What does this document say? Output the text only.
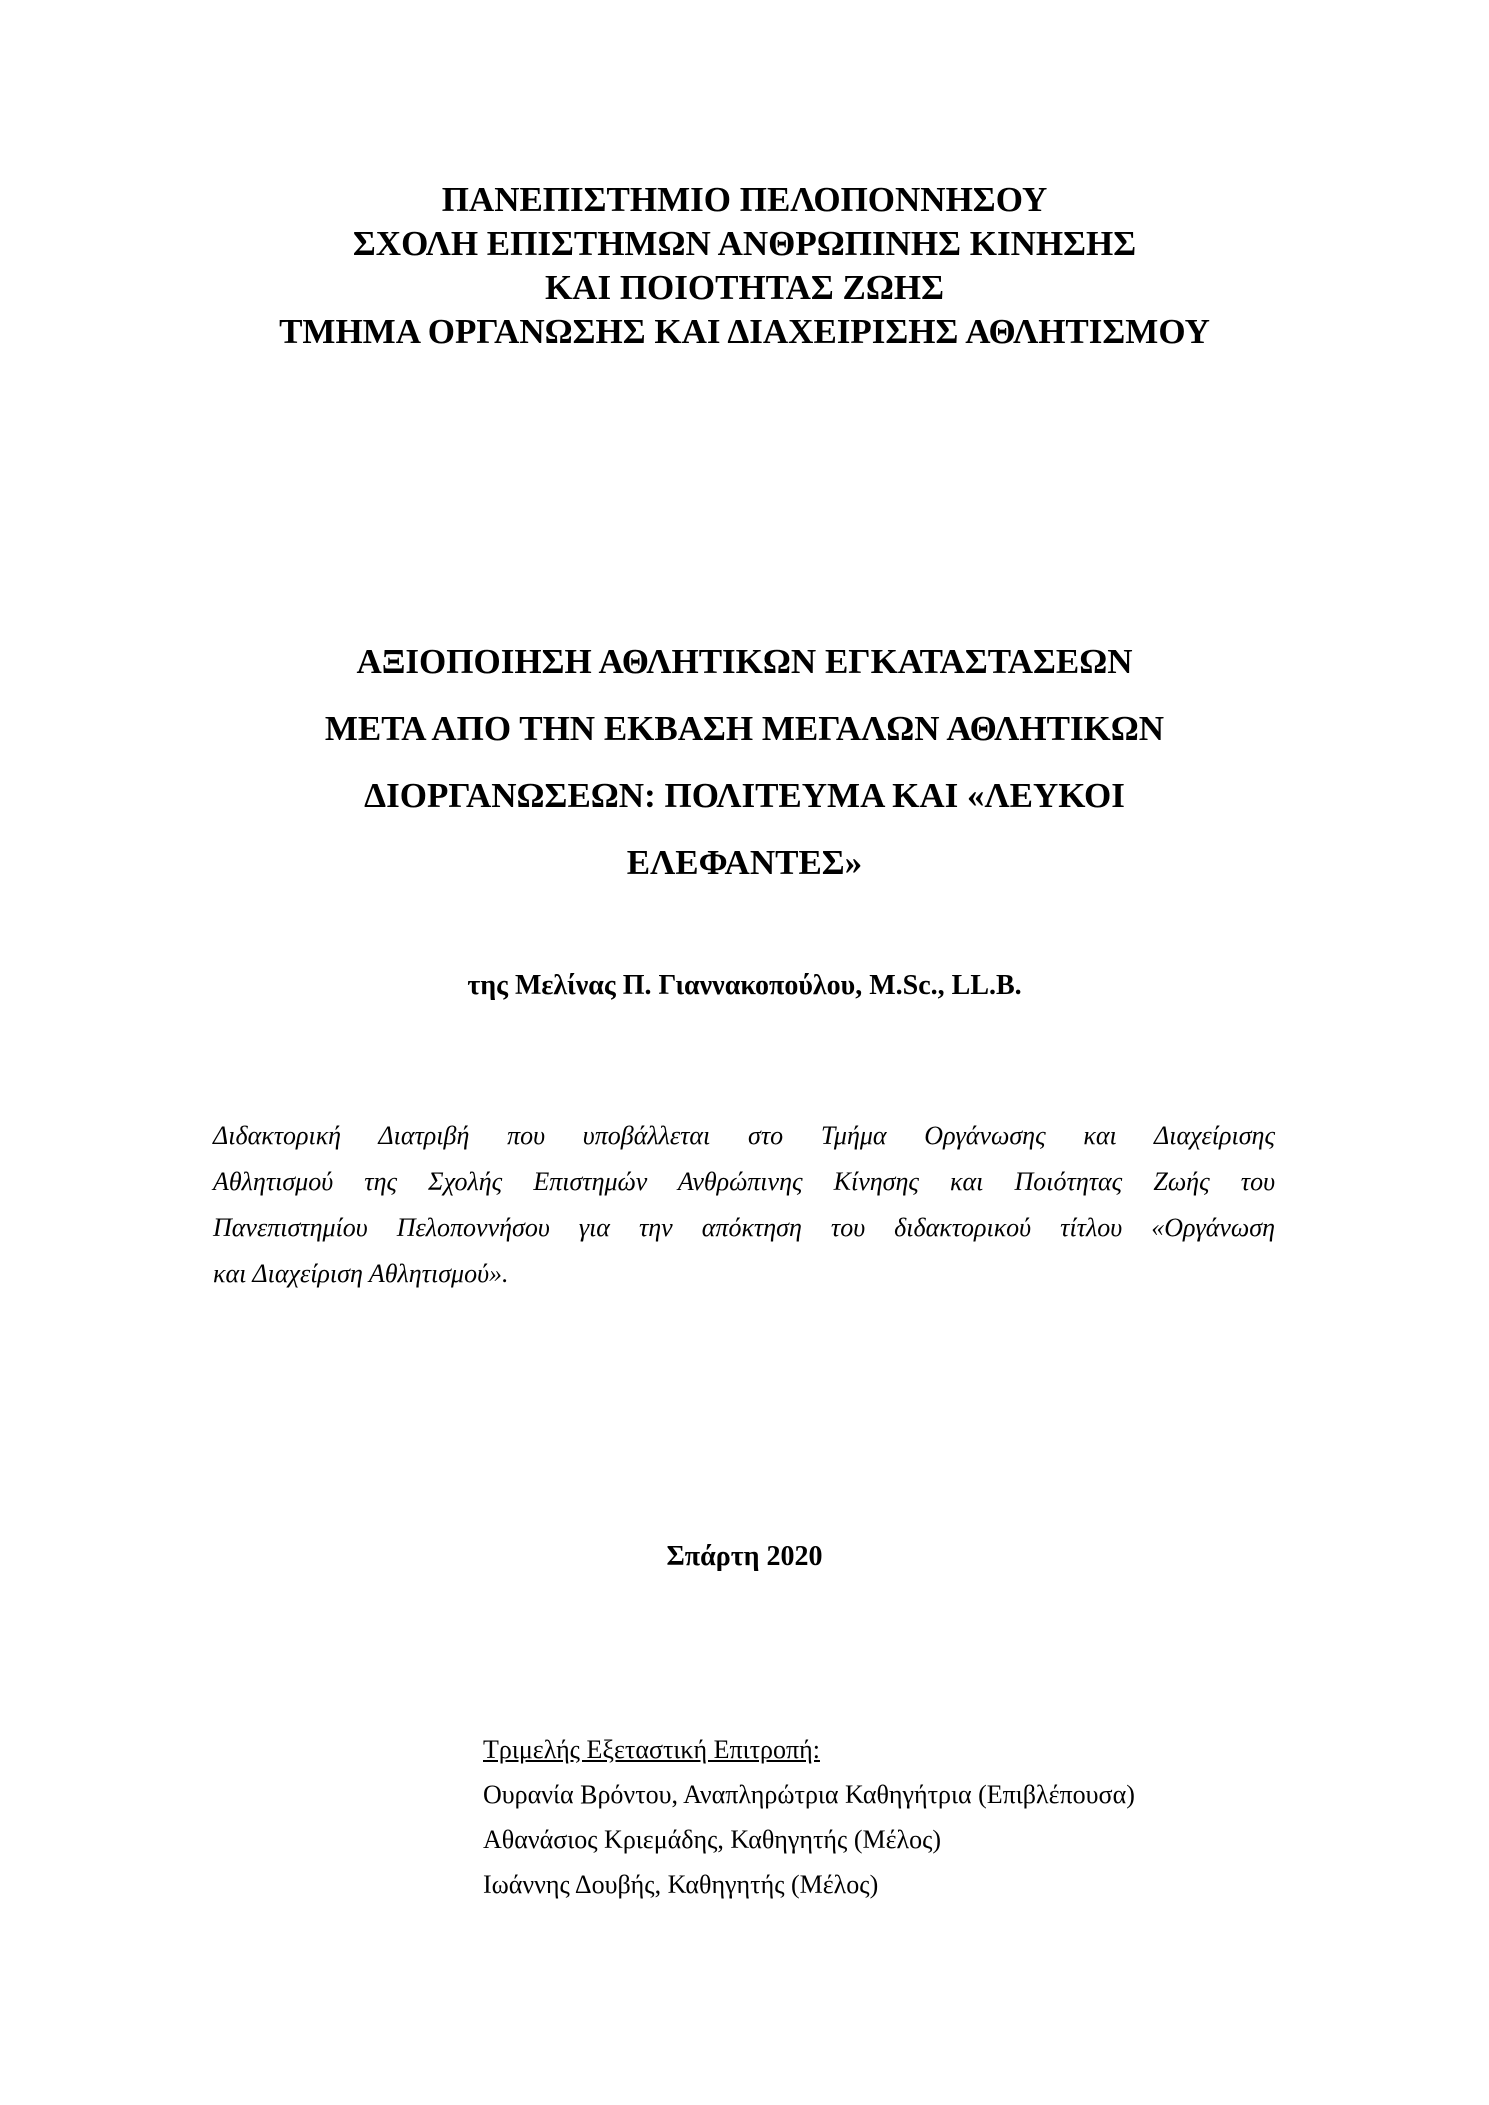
ΠΑΝΕΠΙΣΤΗΜΙΟ ΠΕΛΟΠΟΝΝΗΣΟΥ
ΣΧΟΛΗ ΕΠΙΣΤΗΜΩΝ ΑΝΘΡΩΠΙΝΗΣ ΚΙΝΗΣΗΣ
ΚΑΙ ΠΟΙΟΤΗΤΑΣ ΖΩΗΣ
ΤΜΗΜΑ ΟΡΓΑΝΩΣΗΣ ΚΑΙ ΔΙΑΧΕΙΡΙΣΗΣ ΑΘΛΗΤΙΣΜΟΥ
ΑΞΙΟΠΟΙΗΣΗ ΑΘΛΗΤΙΚΩΝ ΕΓΚΑΤΑΣΤΑΣΕΩΝ
ΜΕΤΑ ΑΠΟ ΤΗΝ ΕΚΒΑΣΗ ΜΕΓΑΛΩΝ ΑΘΛΗΤΙΚΩΝ
ΔΙΟΡΓΑΝΩΣΕΩΝ: ΠΟΛΙΤΕΥΜΑ ΚΑΙ «ΛΕΥΚΟΙ
ΕΛΕΦΑΝΤΕΣ»
της Μελίνας Π. Γιαννακοπούλου, M.Sc., LL.B.
Διδακτορική Διατριβή που υποβάλλεται στο Τμήμα Οργάνωσης και Διαχείρισης
Αθλητισμού της Σχολής Επιστημών Ανθρώπινης Κίνησης και Ποιότητας Ζωής του
Πανεπιστημίου Πελοποννήσου για την απόκτηση του διδακτορικού τίτλου «Οργάνωση
και Διαχείριση Αθλητισμού».
Σπάρτη 2020
Τριμελής Εξεταστική Επιτροπή:
Ουρανία Βρόντου, Αναπληρώτρια Καθηγήτρια (Επιβλέπουσα)
Αθανάσιος Κριεμάδης, Καθηγητής (Μέλος)
Ιωάννης Δουβής, Καθηγητής (Μέλος)
